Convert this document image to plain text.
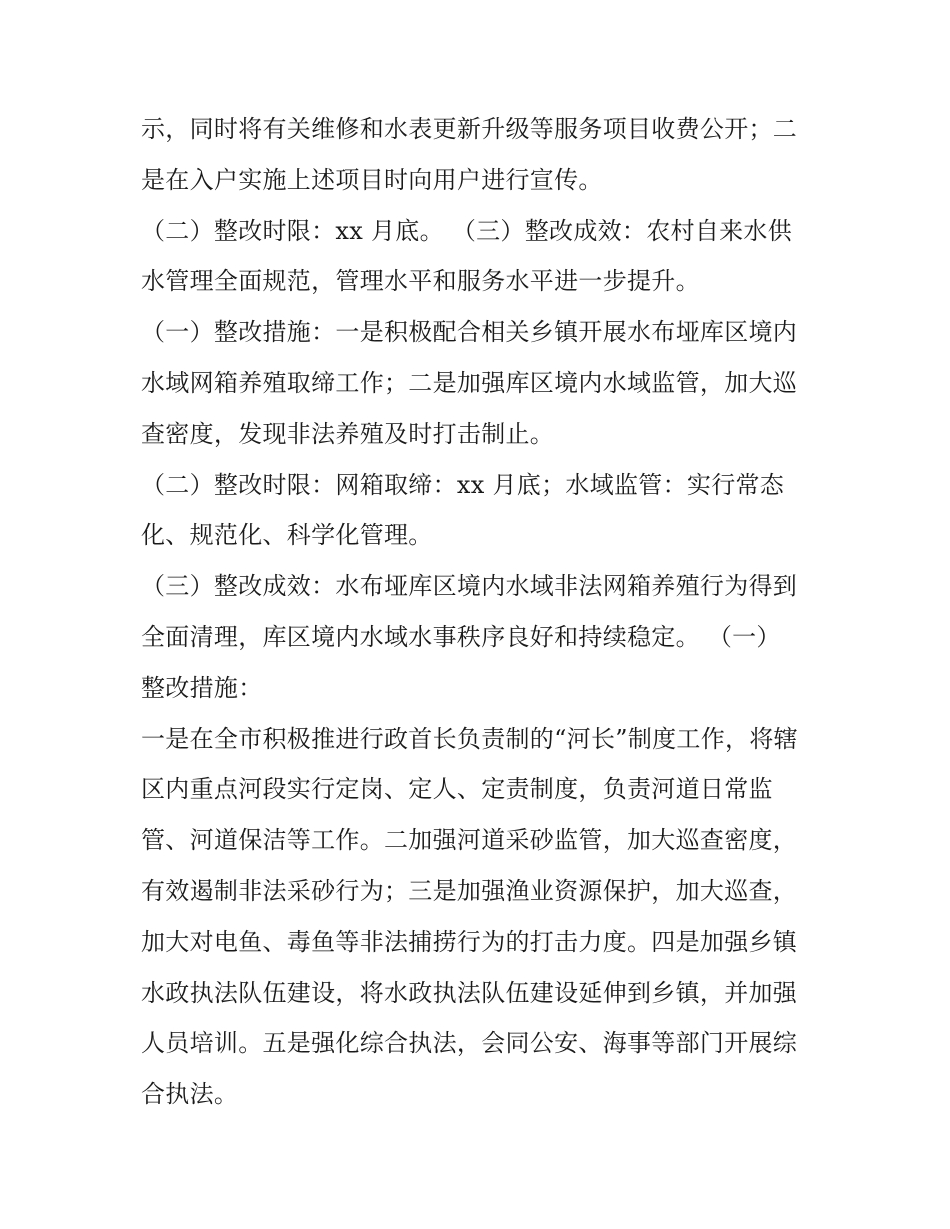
示，同时将有关维修和水表更新升级等服务项目收费公开；二
是在入户实施上述项目时向用户进行宣传。
（二）整改时限：xx 月底。 （三）整改成效：农村自来水供
水管理全面规范，管理水平和服务水平进一步提升。
（一）整改措施：一是积极配合相关乡镇开展水布垭库区境内
水域网箱养殖取缔工作；二是加强库区境内水域监管，加大巡
查密度，发现非法养殖及时打击制止。
（二）整改时限：网箱取缔：xx 月底；水域监管：实行常态
化、规范化、科学化管理。
（三）整改成效：水布垭库区境内水域非法网箱养殖行为得到
全面清理，库区境内水域水事秩序良好和持续稳定。 （一）
整改措施：
一是在全市积极推进行政首长负责制的“河长”制度工作，将辖
区内重点河段实行定岗、定人、定责制度，负责河道日常监
管、河道保洁等工作。二加强河道采砂监管，加大巡查密度，
有效遏制非法采砂行为；三是加强渔业资源保护，加大巡查，
加大对电鱼、毒鱼等非法捕捞行为的打击力度。四是加强乡镇
水政执法队伍建设，将水政执法队伍建设延伸到乡镇，并加强
人员培训。五是强化综合执法，会同公安、海事等部门开展综
合执法。
